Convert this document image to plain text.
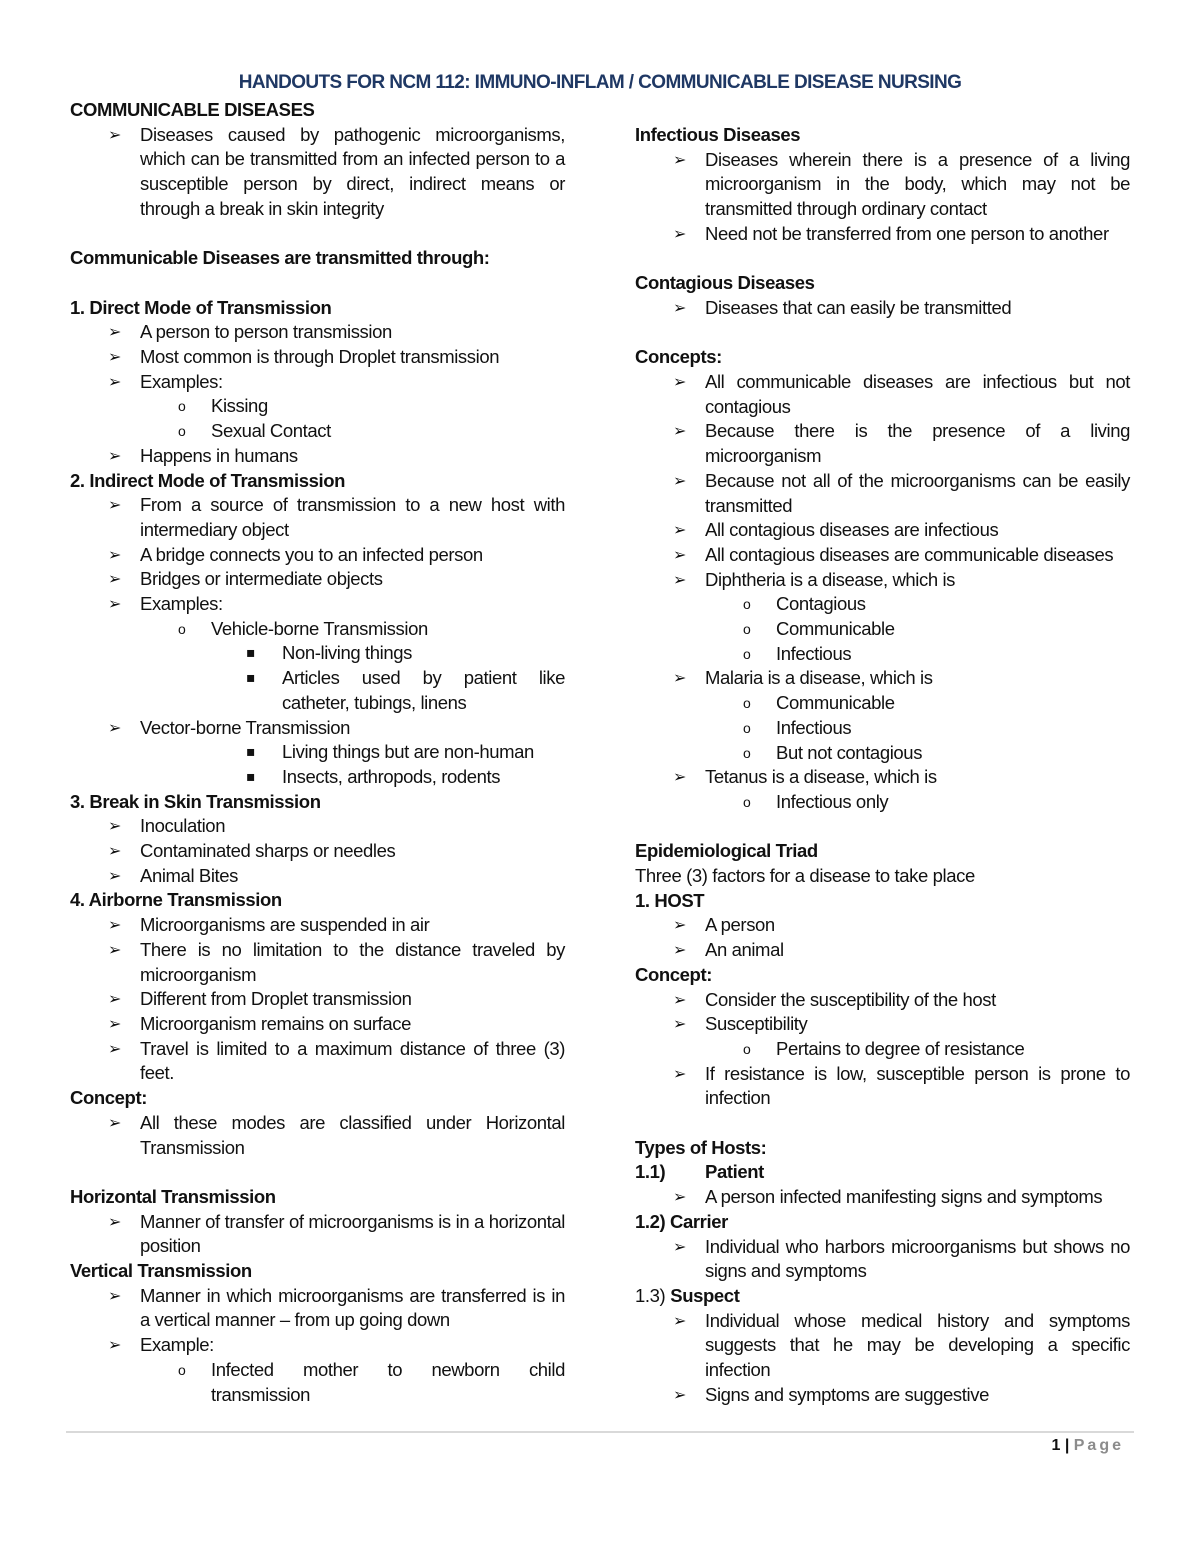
HANDOUTS FOR NCM 112: IMMUNO-INFLAM / COMMUNICABLE DISEASE NURSING
COMMUNICABLE DISEASES
➢ Diseases caused by pathogenic microorganisms, which can be transmitted from an infected person to a susceptible person by direct, indirect means or through a break in skin integrity
Communicable Diseases are transmitted through:
1. Direct Mode of Transmission
➢ A person to person transmission
➢ Most common is through Droplet transmission
➢ Examples:
o Kissing
o Sexual Contact
➢ Happens in humans
2. Indirect Mode of Transmission
➢ From a source of transmission to a new host with intermediary object
➢ A bridge connects you to an infected person
➢ Bridges or intermediate objects
➢ Examples:
o Vehicle-borne Transmission
▪ Non-living things
▪ Articles used by patient like catheter, tubings, linens
➢ Vector-borne Transmission
▪ Living things but are non-human
▪ Insects, arthropods, rodents
3. Break in Skin Transmission
➢ Inoculation
➢ Contaminated sharps or needles
➢ Animal Bites
4. Airborne Transmission
➢ Microorganisms are suspended in air
➢ There is no limitation to the distance traveled by microorganism
➢ Different from Droplet transmission
➢ Microorganism remains on surface
➢ Travel is limited to a maximum distance of three (3) feet.
Concept:
➢ All these modes are classified under Horizontal Transmission
Horizontal Transmission
➢ Manner of transfer of microorganisms is in a horizontal position
Vertical Transmission
➢ Manner in which microorganisms are transferred is in a vertical manner – from up going down
➢ Example:
o Infected mother to newborn child transmission
Infectious Diseases
➢ Diseases wherein there is a presence of a living microorganism in the body, which may not be transmitted through ordinary contact
➢ Need not be transferred from one person to another
Contagious Diseases
➢ Diseases that can easily be transmitted
Concepts:
➢ All communicable diseases are infectious but not contagious
➢ Because there is the presence of a living microorganism
➢ Because not all of the microorganisms can be easily transmitted
➢ All contagious diseases are infectious
➢ All contagious diseases are communicable diseases
➢ Diphtheria is a disease, which is
o Contagious
o Communicable
o Infectious
➢ Malaria is a disease, which is
o Communicable
o Infectious
o But not contagious
➢ Tetanus is a disease, which is
o Infectious only
Epidemiological Triad
Three (3) factors for a disease to take place
1. HOST
➢ A person
➢ An animal
Concept:
➢ Consider the susceptibility of the host
➢ Susceptibility
o Pertains to degree of resistance
➢ If resistance is low, susceptible person is prone to infection
Types of Hosts:
1.1) Patient
➢ A person infected manifesting signs and symptoms
1.2) Carrier
➢ Individual who harbors microorganisms but shows no signs and symptoms
1.3) Suspect
➢ Individual whose medical history and symptoms suggests that he may be developing a specific infection
➢ Signs and symptoms are suggestive
1 | Page
